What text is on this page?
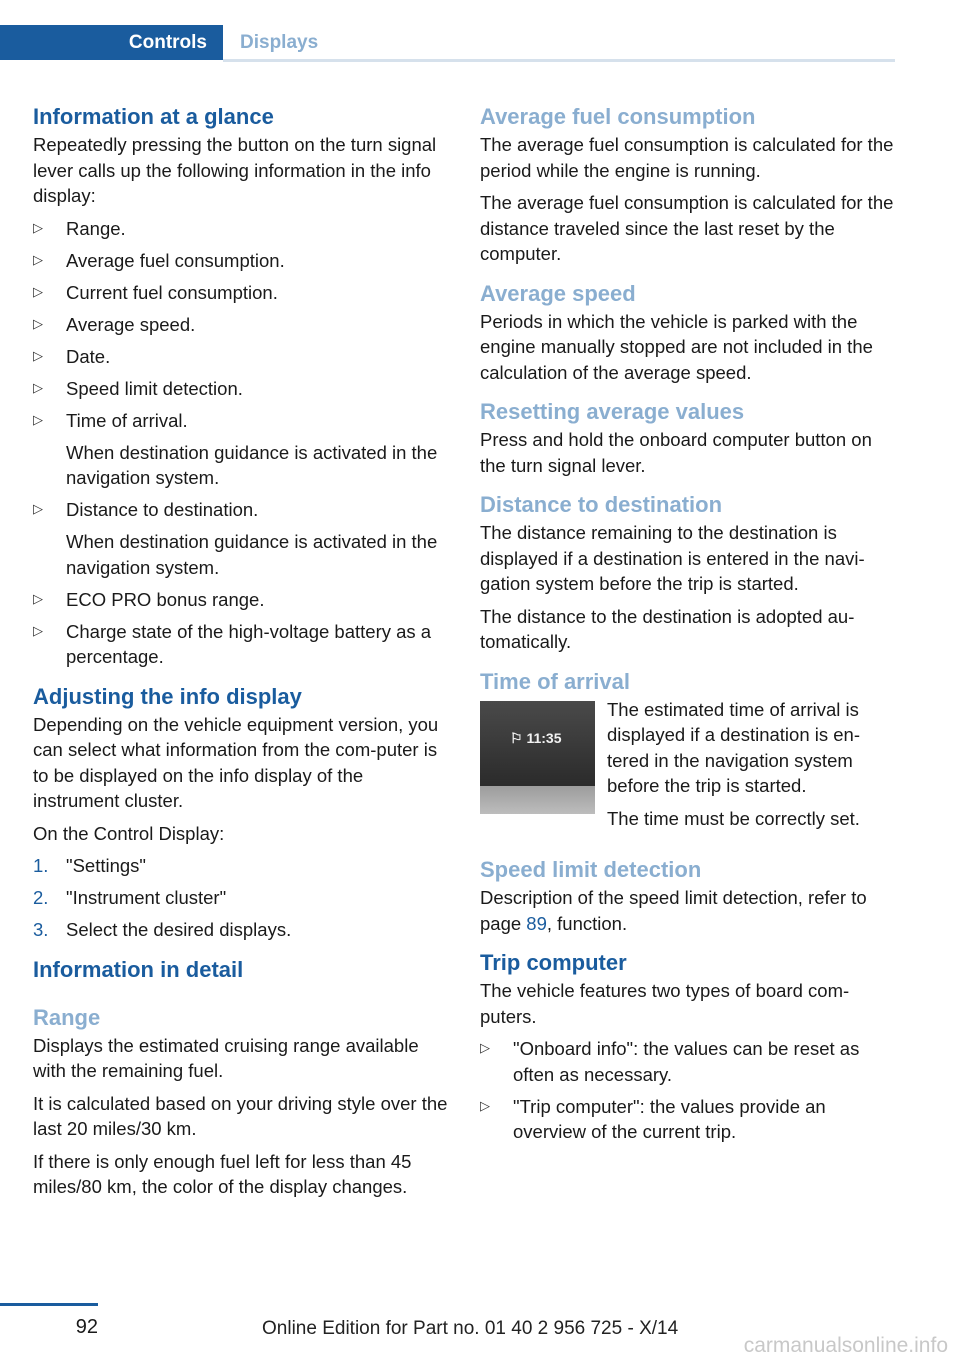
Controls	Displays
Information at a glance

Repeatedly pressing the button on the turn signal lever calls up the following information in the info display:

▷ Range.
▷ Average fuel consumption.
▷ Current fuel consumption.
▷ Average speed.
▷ Date.
▷ Speed limit detection.
▷ Time of arrival.
When destination guidance is activated in the navigation system.
▷ Distance to destination.
When destination guidance is activated in the navigation system.
▷ ECO PRO bonus range.
▷ Charge state of the high-voltage battery as a percentage.
Adjusting the info display

Depending on the vehicle equipment version, you can select what information from the com-puter is to be displayed on the info display of the instrument cluster.

On the Control Display:

1. "Settings"
2. "Instrument cluster"
3. Select the desired displays.
Information in detail
Range

Displays the estimated cruising range available with the remaining fuel.

It is calculated based on your driving style over the last 20 miles/30 km.

If there is only enough fuel left for less than 45 miles/80 km, the color of the display changes.

Average fuel consumption

The average fuel consumption is calculated for the period while the engine is running.

The average fuel consumption is calculated for the distance traveled since the last reset by the computer.

Average speed

Periods in which the vehicle is parked with the engine manually stopped are not included in the calculation of the average speed.

Resetting average values

Press and hold the onboard computer button on the turn signal lever.

Distance to destination

The distance remaining to the destination is displayed if a destination is entered in the navi-gation system before the trip is started.

The distance to the destination is adopted au-tomatically.

Time of arrival
⚐ 11:35

The estimated time of arrival is displayed if a destination is en-tered in the navigation system before the trip is started.

The time must be correctly set.

Speed limit detection

Description of the speed limit detection, refer to page 89, function.

Trip computer

The vehicle features two types of board com-puters.

▷ "Onboard info": the values can be reset as often as necessary.
▷ "Trip computer": the values provide an overview of the current trip.
92	Online Edition for Part no. 01 40 2 956 725 - X/14
carmanualsonline.info
